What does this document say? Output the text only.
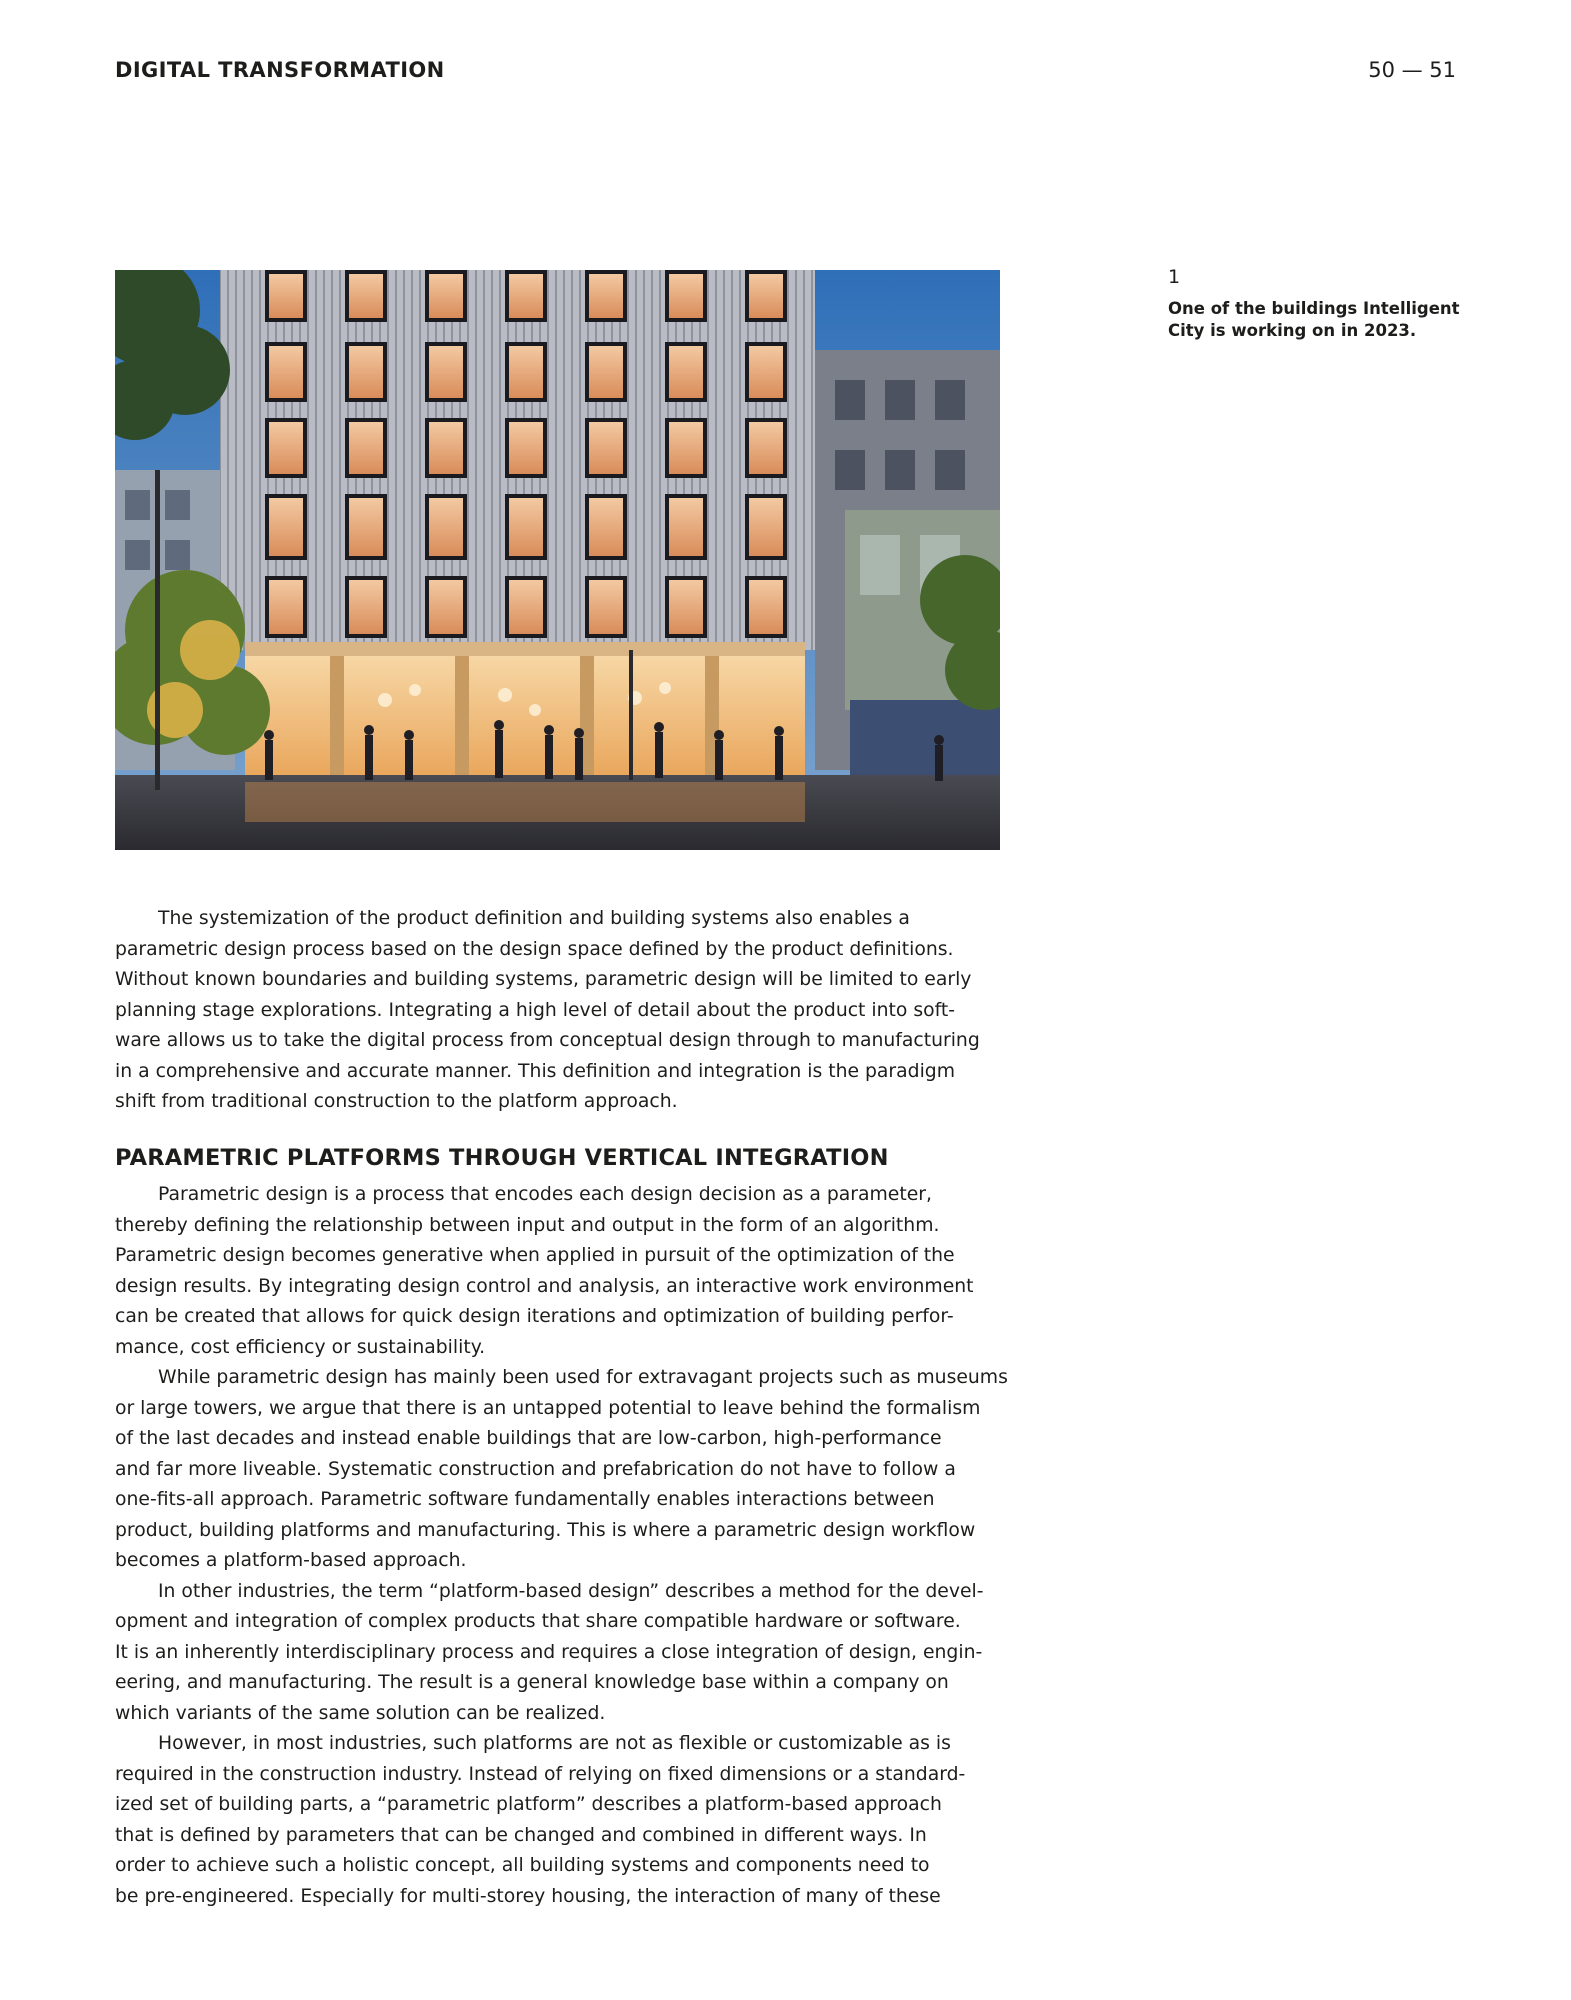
DIGITAL TRANSFORMATION	50 — 51
1
One of the buildings Intelligent
City is working on in 2023.
The systemization of the product definition and building systems also enables a
parametric design process based on the design space defined by the product definitions.
Without known boundaries and building systems, parametric design will be limited to early
planning stage explorations. Integrating a high level of detail about the product into soft-
ware allows us to take the digital process from conceptual design through to manufacturing
in a comprehensive and accurate manner. This definition and integration is the paradigm
shift from traditional construction to the platform approach.
PARAMETRIC PLATFORMS THROUGH VERTICAL INTEGRATION
Parametric design is a process that encodes each design decision as a parameter,
thereby defining the relationship between input and output in the form of an algorithm.
Parametric design becomes generative when applied in pursuit of the optimization of the
design results. By integrating design control and analysis, an interactive work environment
can be created that allows for quick design iterations and optimization of building perfor-
mance, cost efficiency or sustainability.
While parametric design has mainly been used for extravagant projects such as museums
or large towers, we argue that there is an untapped potential to leave behind the formalism
of the last decades and instead enable buildings that are low-carbon, high-performance
and far more liveable. Systematic construction and prefabrication do not have to follow a
one-fits-all approach. Parametric software fundamentally enables interactions between
product, building platforms and manufacturing. This is where a parametric design workflow
becomes a platform-based approach.
In other industries, the term “platform-based design” describes a method for the devel-
opment and integration of complex products that share compatible hardware or software.
It is an inherently interdisciplinary process and requires a close integration of design, engin-
eering, and manufacturing. The result is a general knowledge base within a company on
which variants of the same solution can be realized.
However, in most industries, such platforms are not as flexible or customizable as is
required in the construction industry. Instead of relying on fixed dimensions or a standard-
ized set of building parts, a “parametric platform” describes a platform-based approach
that is defined by parameters that can be changed and combined in different ways. In
order to achieve such a holistic concept, all building systems and components need to
be pre-engineered. Especially for multi-storey housing, the interaction of many of these
